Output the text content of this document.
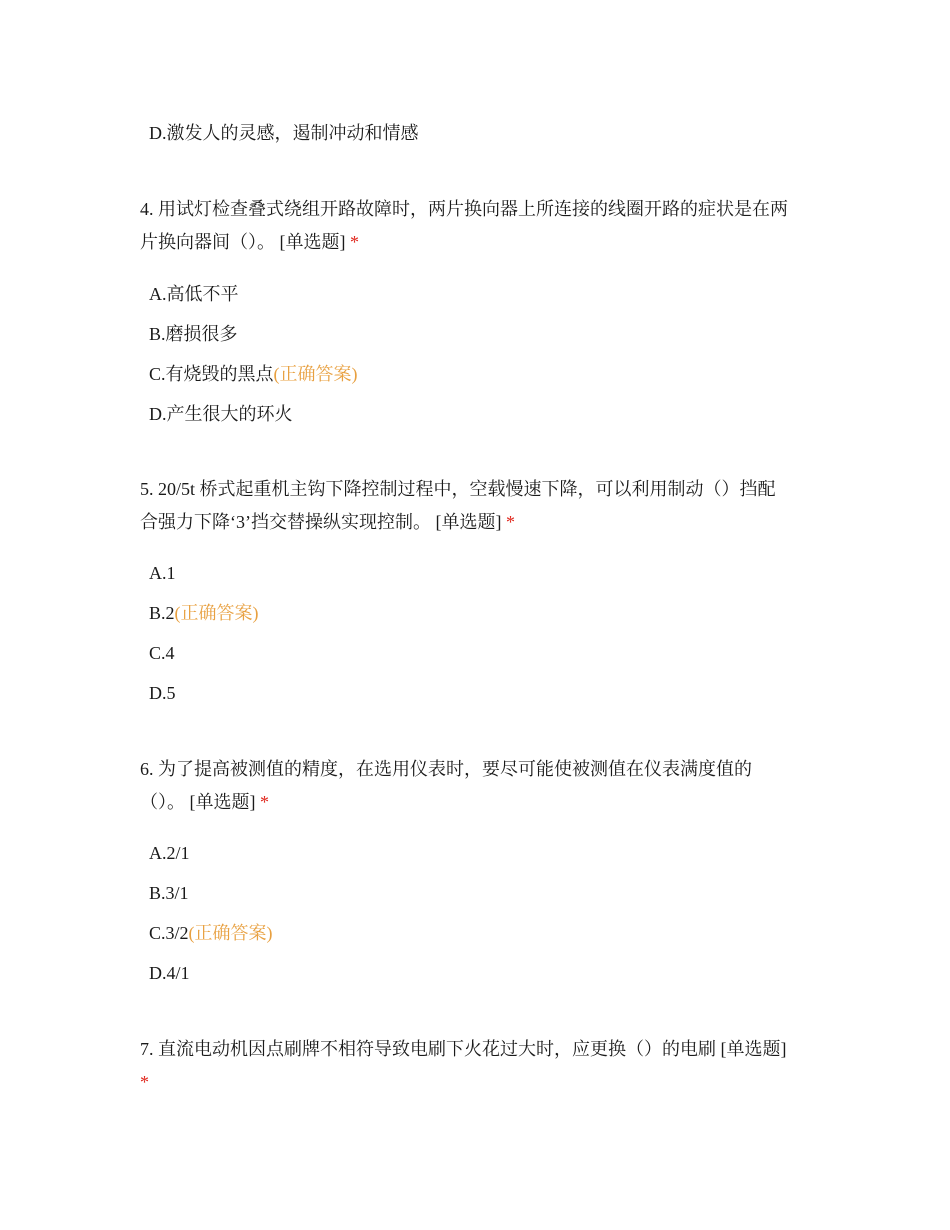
D.激发人的灵感，遏制冲动和情感
4. 用试灯检查叠式绕组开路故障时，两片换向器上所连接的线圈开路的症状是在两
片换向器间（）。 [单选题] *
A.高低不平
B.磨损很多
C.有烧毁的黑点(正确答案)
D.产生很大的环火
5. 20/5t 桥式起重机主钩下降控制过程中，空载慢速下降，可以利用制动（）挡配
合强力下降‘3’挡交替操纵实现控制。 [单选题] *
A.1
B.2(正确答案)
C.4
D.5
6. 为了提高被测值的精度，在选用仪表时，要尽可能使被测值在仪表满度值的
（）。 [单选题] *
A.2/1
B.3/1
C.3/2(正确答案)
D.4/1
7. 直流电动机因点刷牌不相符导致电刷下火花过大时，应更换（）的电刷 [单选题]
*
